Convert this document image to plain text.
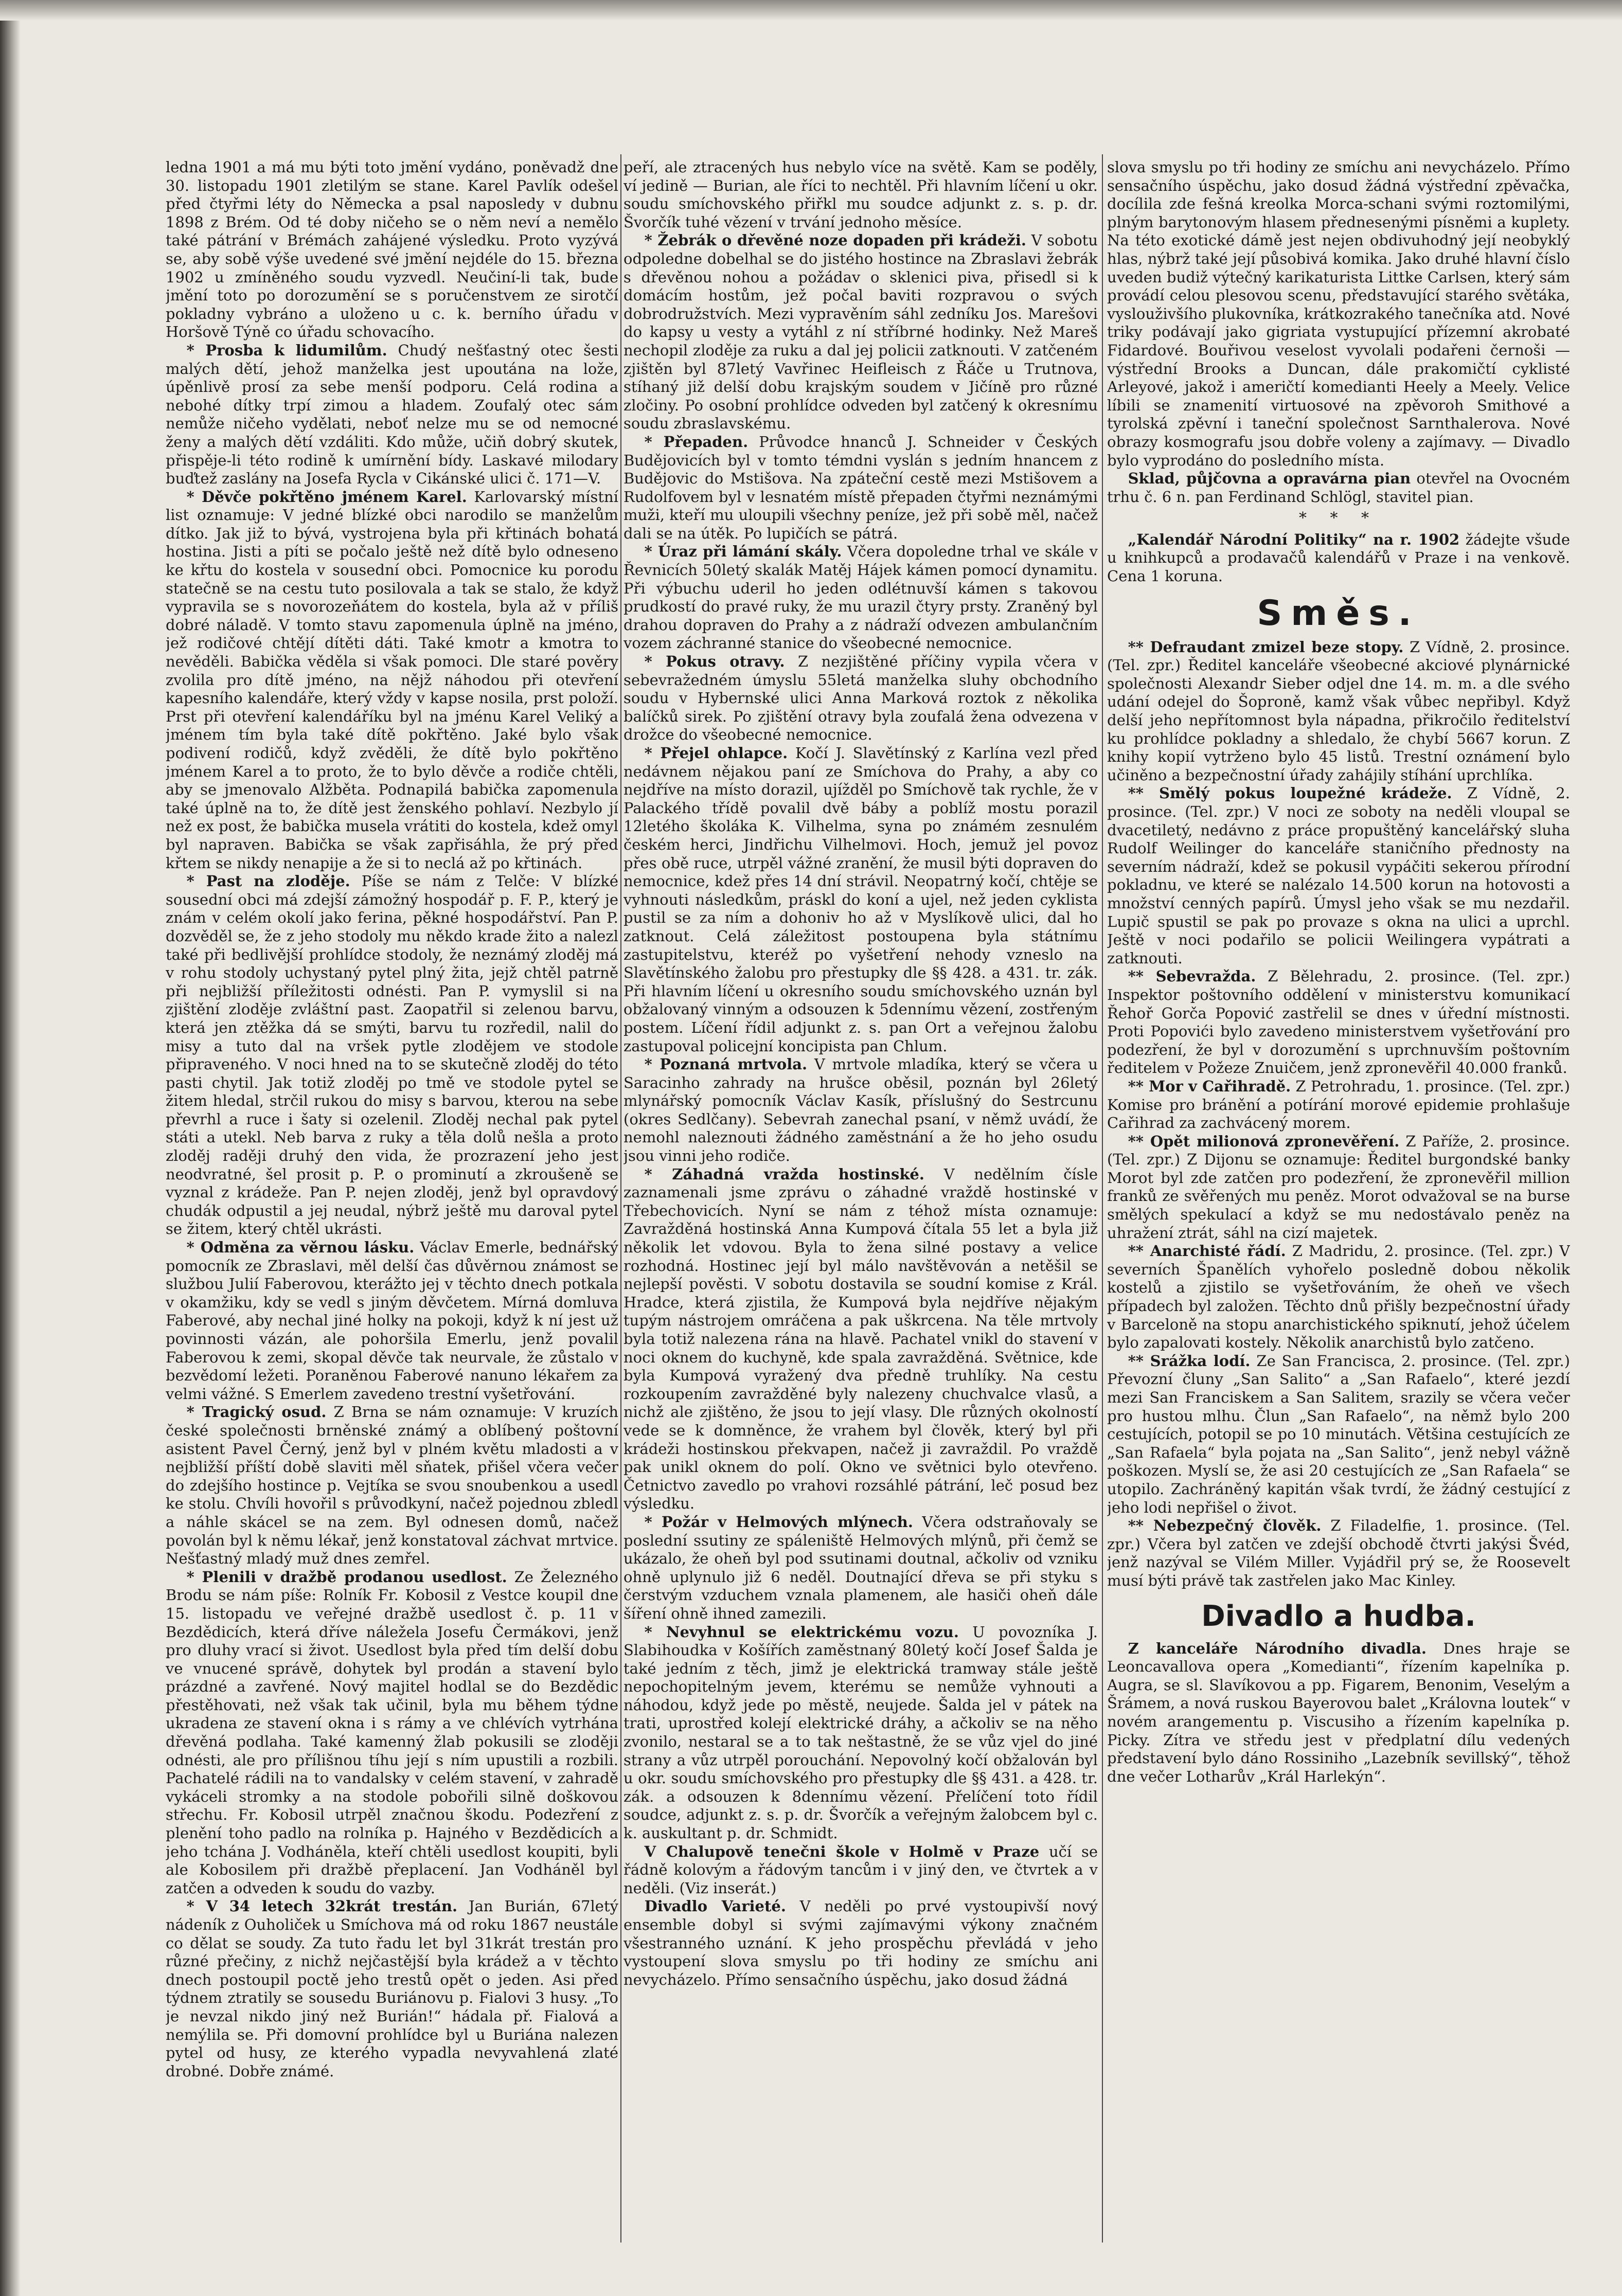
ledna 1901 a má mu býti toto jmění vydáno, poněvadž dne 30. listopadu 1901 zletilým se stane. Karel Pavlík odešel před čtyřmi léty do Německa a psal naposledy v dubnu 1898 z Brém. Od té doby ničeho se o něm neví a nemělo také pátrání v Brémách zahájené výsledku. Proto vyzývá se, aby sobě výše uvedené své jmění nejdéle do 15. března 1902 u zmíněného soudu vyzvedl. Neučiní-li tak, bude jmění toto po dorozumění se s poručenstvem ze sirotčí pokladny vybráno a uloženo u c. k. berního úřadu v Horšově Týně co úřadu schovacího.

* Prosba k lidumilům. Chudý nešťastný otec šesti malých dětí, jehož manželka jest upoutána na lože, úpěnlivě prosí za sebe menší podporu. Celá rodina a nebohé dítky trpí zimou a hladem. Zoufalý otec sám nemůže ničeho vydělati, neboť nelze mu se od nemocné ženy a malých dětí vzdáliti. Kdo může, učiň dobrý skutek, přispěje-li této rodině k umírnění bídy. Laskavé milodary buďtež zaslány na Josefa Rycla v Cikánské ulici č. 171—V.

* Děvče pokřtěno jménem Karel. Karlovarský místní list oznamuje: V jedné blízké obci narodilo se manželům dítko. Jak již to bývá, vystrojena byla při křtinách bohatá hostina. Jisti a píti se počalo ještě než dítě bylo odneseno ke křtu do kostela v sousední obci. Pomocnice ku porodu statečně se na cestu tuto posilovala a tak se stalo, že když vypravila se s novorozeňátem do kostela, byla až v příliš dobré náladě. V tomto stavu zapomenula úplně na jméno, jež rodičové chtějí dítěti dáti. Také kmotr a kmotra to nevěděli. Babička věděla si však pomoci. Dle staré pověry zvolila pro dítě jméno, na nějž náhodou při otevření kapesního kalendáře, který vždy v kapse nosila, prst položí. Prst při otevření kalendáříku byl na jménu Karel Veliký a jménem tím byla také dítě pokřtěno. Jaké bylo však podivení rodičů, když zvěděli, že dítě bylo pokřtěno jménem Karel a to proto, že to bylo děvče a rodiče chtěli, aby se jmenovalo Alžběta. Podnapilá babička zapomenula také úplně na to, že dítě jest ženského pohlaví. Nezbylo jí než ex post, že babička musela vrátiti do kostela, kdež omyl byl napraven. Babička se však zapřisáhla, že prý před křtem se nikdy nenapije a že si to neclá až po křtinách.

* Past na zloděje. Píše se nám z Telče: V blízké sousední obci má zdejší zámožný hospodář p. F. P., který je znám v celém okolí jako ferina, pěkné hospodářství. Pan P. dozvěděl se, že z jeho stodoly mu někdo krade žito a nalezl také při bedlivější prohlídce stodoly, že neznámý zloděj má v rohu stodoly uchystaný pytel plný žita, jejž chtěl patrně při nejbližší příležitosti odnésti. Pan P. vymyslil si na zjištění zloděje zvláštní past. Zaopatřil si zelenou barvu, která jen ztěžka dá se smýti, barvu tu rozředil, nalil do misy a tuto dal na vršek pytle zlodějem ve stodole připraveného. V noci hned na to se skutečně zloděj do této pasti chytil. Jak totiž zloděj po tmě ve stodole pytel se žitem hledal, strčil rukou do misy s barvou, kterou na sebe převrhl a ruce i šaty si ozelenil. Zloděj nechal pak pytel státi a utekl. Neb barva z ruky a těla dolů nešla a proto zloděj raději druhý den vida, že prozrazení jeho jest neodvratné, šel prosit p. P. o prominutí a zkroušeně se vyznal z krádeže. Pan P. nejen zloděj, jenž byl opravdový chudák odpustil a jej neudal, nýbrž ještě mu daroval pytel se žitem, který chtěl ukrásti.

* Odměna za věrnou lásku. Václav Emerle, bednářský pomocník ze Zbraslavi, měl delší čas důvěrnou známost se službou Julií Faberovou, kterážto jej v těchto dnech potkala v okamžiku, kdy se vedl s jiným děvčetem. Mírná domluva Faberové, aby nechal jiné holky na pokoji, když k ní jest už povinnosti vázán, ale pohoršila Emerlu, jenž povalil Faberovou k zemi, skopal děvče tak neurvale, že zůstalo v bezvědomí ležeti. Poraněnou Faberové nanuno lékařem za velmi vážné. S Emerlem zavedeno trestní vyšetřování.

* Tragický osud. Z Brna se nám oznamuje: V kruzích české společnosti brněnské známý a oblíbený poštovní asistent Pavel Černý, jenž byl v plném květu mladosti a v nejbližší příští době slaviti měl sňatek, přišel včera večer do zdejšího hostince p. Vejtíka se svou snoubenkou a usedl ke stolu. Chvíli hovořil s průvodkyní, načež pojednou zbledl a náhle skácel se na zem. Byl odnesen domů, načež povolán byl k němu lékař, jenž konstatoval záchvat mrtvice. Nešťastný mladý muž dnes zemřel.

* Plenili v dražbě prodanou usedlost. Ze Železného Brodu se nám píše: Rolník Fr. Kobosil z Vestce koupil dne 15. listopadu ve veřejné dražbě usedlost č. p. 11 v Bezdědicích, která dříve náležela Josefu Čermákovi, jenž pro dluhy vrací si život. Usedlost byla před tím delší dobu ve vnucené správě, dohytek byl prodán a stavení bylo prázdné a zavřené. Nový majitel hodlal se do Bezdědic přestěhovati, než však tak učinil, byla mu během týdne ukradena ze stavení okna i s rámy a ve chlévích vytrhána dřevěná podlaha. Také kamenný žlab pokusili se zloději odnésti, ale pro přílišnou tíhu její s ním upustili a rozbili. Pachatelé rádili na to vandalsky v celém stavení, v zahradě vykáceli stromky a na stodole pobořili silně doškovou střechu. Fr. Kobosil utrpěl značnou škodu. Podezření z plenění toho padlo na rolníka p. Hajného v Bezdědicích a jeho tchána J. Vodháněla, kteří chtěli usedlost koupiti, byli ale Kobosilem při dražbě přeplacení. Jan Vodháněl byl zatčen a odveden k soudu do vazby.

* V 34 letech 32krát trestán. Jan Burián, 67letý nádeník z Ouholiček u Smíchova má od roku 1867 neustále co dělat se soudy. Za tuto řadu let byl 31krát trestán pro různé přečiny, z nichž nejčastější byla krádež a v těchto dnech postoupil poctě jeho trestů opět o jeden. Asi před týdnem ztratily se sousedu Buriánovu p. Fialovi 3 husy. „To je nevzal nikdo jiný než Burián!“ hádala př. Fialová a nemýlila se. Při domovní prohlídce byl u Buriána nalezen pytel od husy, ze kterého vypadla nevyvahlená zlaté drobné. Dobře známé.

peří, ale ztracených hus nebylo více na světě. Kam se poděly, ví jedině — Burian, ale říci to nechtěl. Při hlavním líčení u okr. soudu smíchovského přiřkl mu soudce adjunkt z. s. p. dr. Švorčík tuhé vězení v trvání jednoho měsíce.

* Žebrák o dřevěné noze dopaden při krádeži. V sobotu odpoledne dobelhal se do jistého hostince na Zbraslavi žebrák s dřevěnou nohou a požádav o sklenici piva, přisedl si k domácím hostům, jež počal baviti rozpravou o svých dobrodružstvích. Mezi vypravěním sáhl zedníku Jos. Marešovi do kapsy u vesty a vytáhl z ní stříbrné hodinky. Než Mareš nechopil zloděje za ruku a dal jej policii zatknouti. V zatčeném zjištěn byl 87letý Vavřinec Heifleisch z Řáče u Trutnova, stíhaný již delší dobu krajským soudem v Jičíně pro různé zločiny. Po osobní prohlídce odveden byl zatčený k okresnímu soudu zbraslavskému.

* Přepaden. Průvodce hnanců J. Schneider v Českých Budějovicích byl v tomto témdni vyslán s jedním hnancem z Budějovic do Mstišova. Na zpáteční cestě mezi Mstišovem a Rudolfovem byl v lesnatém místě přepaden čtyřmi neznámými muži, kteří mu uloupili všechny peníze, jež při sobě měl, načež dali se na útěk. Po lupičích se pátrá.

* Úraz při lámání skály. Včera dopoledne trhal ve skále v Řevnicích 50letý skalák Matěj Hájek kámen pomocí dynamitu. Při výbuchu uderil ho jeden odlétnuvší kámen s takovou prudkostí do pravé ruky, že mu urazil čtyry prsty. Zraněný byl drahou dopraven do Prahy a z nádraží odvezen ambulančním vozem záchranné stanice do všeobecné nemocnice.

* Pokus otravy. Z nezjištěné příčiny vypila včera v sebevražedném úmyslu 55letá manželka sluhy obchodního soudu v Hybernské ulici Anna Marková roztok z několika balíčků sirek. Po zjištění otravy byla zoufalá žena odvezena v drožce do všeobecné nemocnice.

* Přejel ohlapce. Kočí J. Slavětínský z Karlína vezl před nedávnem nějakou paní ze Smíchova do Prahy, a aby co nejdříve na místo dorazil, ujížděl po Smíchově tak rychle, že v Palackého třídě povalil dvě báby a poblíž mostu porazil 12letého školáka K. Vilhelma, syna po známém zesnulém českém herci, Jindřichu Vilhelmovi. Hoch, jemuž jel povoz přes obě ruce, utrpěl vážné zranění, že musil býti dopraven do nemocnice, kdež přes 14 dní strávil. Neopatrný kočí, chtěje se vyhnouti následkům, práskl do koní a ujel, než jeden cyklista pustil se za ním a dohoniv ho až v Myslíkově ulici, dal ho zatknout. Celá záležitost postoupena byla státnímu zastupitelstvu, kteréž po vyšetření nehody vzneslo na Slavětínského žalobu pro přestupky dle §§ 428. a 431. tr. zák. Při hlavním líčení u okresního soudu smíchovského uznán byl obžalovaný vinným a odsouzen k 5dennímu vězení, zostřeným postem. Líčení řídil adjunkt z. s. pan Ort a veřejnou žalobu zastupoval policejní koncipista pan Chlum.

* Poznaná mrtvola. V mrtvole mladíka, který se včera u Saracinho zahrady na hrušce oběsil, poznán byl 26letý mlynářský pomocník Václav Kasík, příslušný do Sestrcunu (okres Sedlčany). Sebevrah zanechal psaní, v němž uvádí, že nemohl naleznouti žádného zaměstnání a že ho jeho osudu jsou vinni jeho rodiče.

* Záhadná vražda hostinské. V nedělním čísle zaznamenali jsme zprávu o záhadné vraždě hostinské v Třebechovicích. Nyní se nám z téhož místa oznamuje: Zavražděná hostinská Anna Kumpová čítala 55 let a byla již několik let vdovou. Byla to žena silné postavy a velice rozhodná. Hostinec její byl málo navštěvován a netěšil se nejlepší pověsti. V sobotu dostavila se soudní komise z Král. Hradce, která zjistila, že Kumpová byla nejdříve nějakým tupým nástrojem omráčena a pak uškrcena. Na těle mrtvoly byla totiž nalezena rána na hlavě. Pachatel vnikl do stavení v noci oknem do kuchyně, kde spala zavražděná. Světnice, kde byla Kumpová vyražený dva předně truhlíky. Na cestu rozkoupením zavražděné byly nalezeny chuchvalce vlasů, a nichž ale zjištěno, že jsou to její vlasy. Dle různých okolností vede se k domněnce, že vrahem byl člověk, který byl při krádeži hostinskou překvapen, načež ji zavraždil. Po vraždě pak unikl oknem do polí. Okno ve světnici bylo otevřeno. Četnictvo zavedlo po vrahovi rozsáhlé pátrání, leč posud bez výsledku.

* Požár v Helmových mlýnech. Včera odstraňovaly se poslední ssutiny ze spáleniště Helmových mlýnů, při čemž se ukázalo, že oheň byl pod ssutinami doutnal, ačkoliv od vzniku ohně uplynulo již 6 neděl. Doutnající dřeva se při styku s čerstvým vzduchem vznala plamenem, ale hasiči oheň dále šíření ohně ihned zamezili.

* Nevyhnul se elektrickému vozu. U povozníka J. Slabihoudka v Košířích zaměstnaný 80letý kočí Josef Šalda je také jedním z těch, jimž je elektrická tramway stále ještě nepochopitelným jevem, kterému se nemůže vyhnouti a náhodou, když jede po městě, neujede. Šalda jel v pátek na trati, uprostřed kolejí elektrické dráhy, a ačkoliv se na něho zvonilo, nestaral se a to tak neštastně, že se vůz vjel do jiné strany a vůz utrpěl porouchání. Nepovolný kočí obžalován byl u okr. soudu smíchovského pro přestupky dle §§ 431. a 428. tr. zák. a odsouzen k 8dennímu vězení. Přelíčení toto řídil soudce, adjunkt z. s. p. dr. Švorčík a veřejným žalobcem byl c. k. auskultant p. dr. Schmidt.

V Chalupově tenečni škole v Holmě v Praze učí se řádně kolovým a řádovým tancům i v jiný den, ve čtvrtek a v neděli. (Viz inserát.)

Divadlo Varieté. V neděli po prvé vystoupivší nový ensemble dobyl si svými zajímavými výkony značném všestranného uznání. K jeho prospěchu převládá v jeho vystoupení slova smyslu po tři hodiny ze smíchu ani nevycházelo. Přímo sensačního úspěchu, jako dosud žádná

slova smyslu po tři hodiny ze smíchu ani nevycházelo. Přímo sensačního úspěchu, jako dosud žádná výstřední zpěvačka, docílila zde fešná kreolka Morca-schani svými roztomilými, plným barytonovým hlasem přednesenými písněmi a kuplety. Na této exotické dámě jest nejen obdivuhodný její neobyklý hlas, nýbrž také její působivá komika. Jako druhé hlavní číslo uveden budiž výtečný karikaturista Littke Carlsen, který sám provádí celou plesovou scenu, představující starého světáka, vyslouživšího plukovníka, krátkozrakého tanečníka atd. Nové triky podávají jako gigriata vystupující přízemní akrobaté Fidardové. Bouřivou veselost vyvolali podařeni černoši — výstřední Brooks a Duncan, dále prakomičtí cyklisté Arleyové, jakož i američtí komedianti Heely a Meely. Velice líbili se znamenití virtuosové na zpěvoroh Smithové a tyrolská zpěvní i taneční společnost Sarnthalerova. Nové obrazy kosmografu jsou dobře voleny a zajímavy. — Divadlo bylo vyprodáno do posledního místa.

Sklad, půjčovna a opravárna pian otevřel na Ovocném trhu č. 6 n. pan Ferdinand Schlögl, stavitel pian.

* * *

„Kalendář Národní Politiky“ na r. 1902 žádejte všude u knihkupců a prodavačů kalendářů v Praze i na venkově. Cena 1 koruna.

Směs.

** Defraudant zmizel beze stopy. Z Vídně, 2. prosince. (Tel. zpr.) Ředitel kanceláře všeobecné akciové plynárnické společnosti Alexandr Sieber odjel dne 14. m. m. a dle svého udání odejel do Šoproně, kamž však vůbec nepřibyl. Když delší jeho nepřítomnost byla nápadna, přikročilo ředitelství ku prohlídce pokladny a shledalo, že chybí 5667 korun. Z knihy kopií vytrženo bylo 45 listů. Trestní oznámení bylo učiněno a bezpečnostní úřady zahájily stíhání uprchlíka.

** Smělý pokus loupežné krádeže. Z Vídně, 2. prosince. (Tel. zpr.) V noci ze soboty na neděli vloupal se dvacetiletý, nedávno z práce propuštěný kancelářský sluha Rudolf Weilinger do kanceláře staničního přednosty na severním nádraží, kdež se pokusil vypáčiti sekerou přírodní pokladnu, ve které se nalézalo 14.500 korun na hotovosti a množství cenných papírů. Úmysl jeho však se mu nezdařil. Lupič spustil se pak po provaze s okna na ulici a uprchl. Ještě v noci podařilo se policii Weilingera vypátrati a zatknouti.

** Sebevražda. Z Bělehradu, 2. prosince. (Tel. zpr.) Inspektor poštovního oddělení v ministerstvu komunikací Řehoř Gorča Popović zastřelil se dnes v úřední místnosti. Proti Popovići bylo zavedeno ministerstvem vyšetřování pro podezření, že byl v dorozumění s uprchnuvším poštovním ředitelem v Požeze Znuičem, jenž zpronevěřil 40.000 franků.

** Mor v Cařihradě. Z Petrohradu, 1. prosince. (Tel. zpr.) Komise pro bránění a potírání morové epidemie prohlašuje Cařihrad za zachvácený morem.

** Opět milionová zpronevěření. Z Paříže, 2. prosince. (Tel. zpr.) Z Dijonu se oznamuje: Ředitel burgondské banky Morot byl zde zatčen pro podezření, že zpronevěřil million franků ze svěřených mu peněz. Morot odvažoval se na burse smělých spekulací a když se mu nedostávalo peněz na uhražení ztrát, sáhl na cizí majetek.

** Anarchisté řádí. Z Madridu, 2. prosince. (Tel. zpr.) V severních Španělích vyhořelo posledně dobou několik kostelů a zjistilo se vyšetřováním, že oheň ve všech případech byl založen. Těchto dnů přišly bezpečnostní úřady v Barceloně na stopu anarchistického spiknutí, jehož účelem bylo zapalovati kostely. Několik anarchistů bylo zatčeno.

** Srážka lodí. Ze San Francisca, 2. prosince. (Tel. zpr.) Převozní čluny „San Salito“ a „San Rafaelo“, které jezdí mezi San Franciskem a San Salitem, srazily se včera večer pro hustou mlhu. Člun „San Rafaelo“, na němž bylo 200 cestujících, potopil se po 10 minutách. Většina cestujících ze „San Rafaela“ byla pojata na „San Salito“, jenž nebyl vážně poškozen. Myslí se, že asi 20 cestujících ze „San Rafaela“ se utopilo. Zachráněný kapitán však tvrdí, že žádný cestující z jeho lodi nepřišel o život.

** Nebezpečný člověk. Z Filadelfie, 1. prosince. (Tel. zpr.) Včera byl zatčen ve zdejší obchodě čtvrti jakýsi Švéd, jenž nazýval se Vilém Miller. Vyjádřil prý se, že Roosevelt musí býti právě tak zastřelen jako Mac Kinley.

Divadlo a hudba.

Z kanceláře Národního divadla. Dnes hraje se Leoncavallova opera „Komedianti“, řízením kapelníka p. Augra, se sl. Slavíkovou a pp. Figarem, Benonim, Veselým a Šrámem, a nová ruskou Bayerovou balet „Královna loutek“ v novém arangementu p. Viscusiho a řízením kapelníka p. Picky. Zítra ve středu jest v předplatní dílu vedených představení bylo dáno Rossiniho „Lazebník sevillský“, těhož dne večer Lotharův „Král Harlekýn“.
